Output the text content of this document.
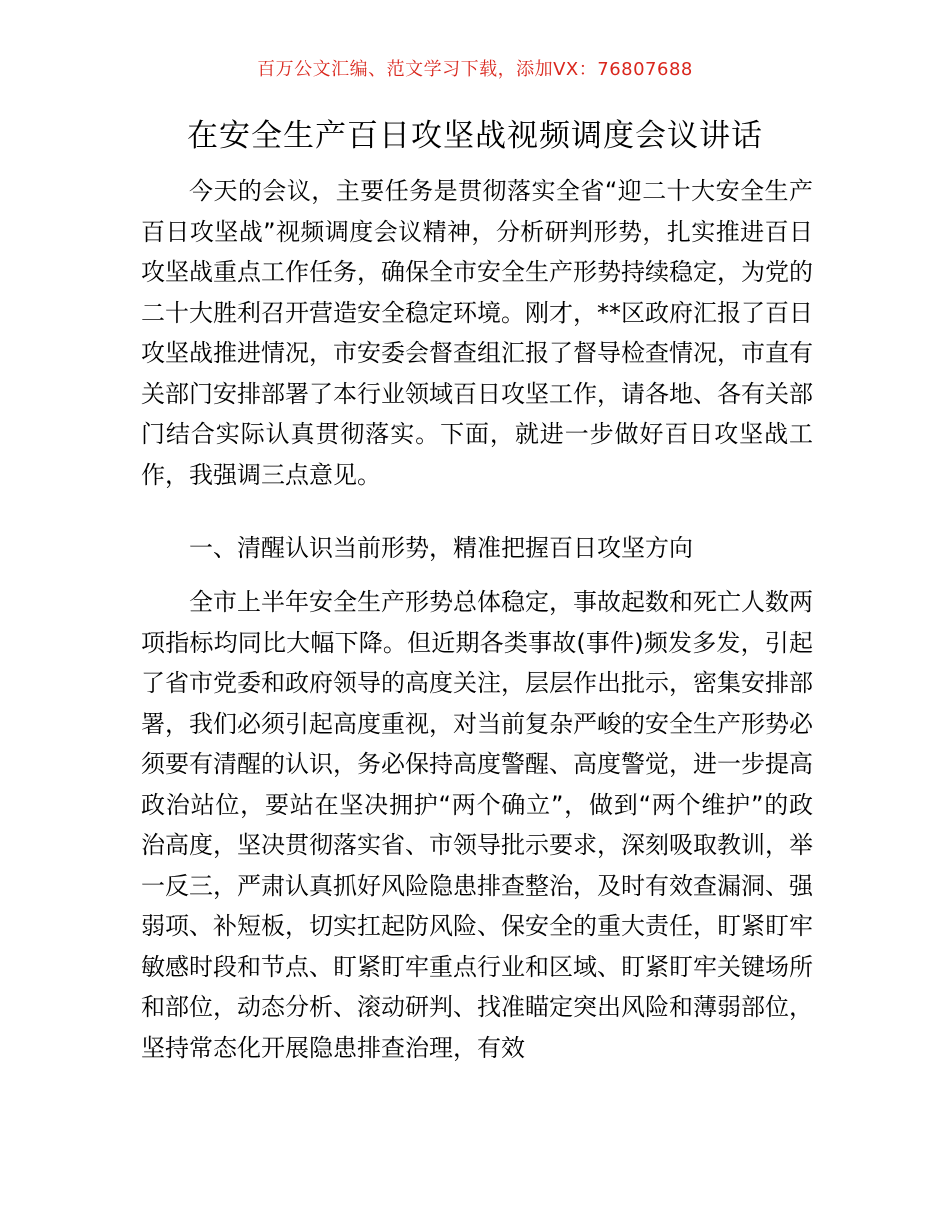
百万公文汇编、范文学习下载，添加VX：76807688
在安全生产百日攻坚战视频调度会议讲话

今天的会议，主要任务是贯彻落实全省“迎二十大安全生产百日攻坚战”视频调度会议精神，分析研判形势，扎实推进百日攻坚战重点工作任务，确保全市安全生产形势持续稳定，为党的二十大胜利召开营造安全稳定环境。刚才，**区政府汇报了百日攻坚战推进情况，市安委会督查组汇报了督导检查情况，市直有关部门安排部署了本行业领域百日攻坚工作，请各地、各有关部门结合实际认真贯彻落实。下面，就进一步做好百日攻坚战工作，我强调三点意见。

一、清醒认识当前形势，精准把握百日攻坚方向

全市上半年安全生产形势总体稳定，事故起数和死亡人数两项指标均同比大幅下降。但近期各类事故(事件)频发多发，引起了省市党委和政府领导的高度关注，层层作出批示，密集安排部署，我们必须引起高度重视，对当前复杂严峻的安全生产形势必须要有清醒的认识，务必保持高度警醒、高度警觉，进一步提高政治站位，要站在坚决拥护“两个确立”，做到“两个维护”的政治高度，坚决贯彻落实省、市领导批示要求，深刻吸取教训，举一反三，严肃认真抓好风险隐患排查整治，及时有效查漏洞、强弱项、补短板，切实扛起防风险、保安全的重大责任，盯紧盯牢敏感时段和节点、盯紧盯牢重点行业和区域、盯紧盯牢关键场所和部位，动态分析、滚动研判、找准瞄定突出风险和薄弱部位，坚持常态化开展隐患排查治理，有效
